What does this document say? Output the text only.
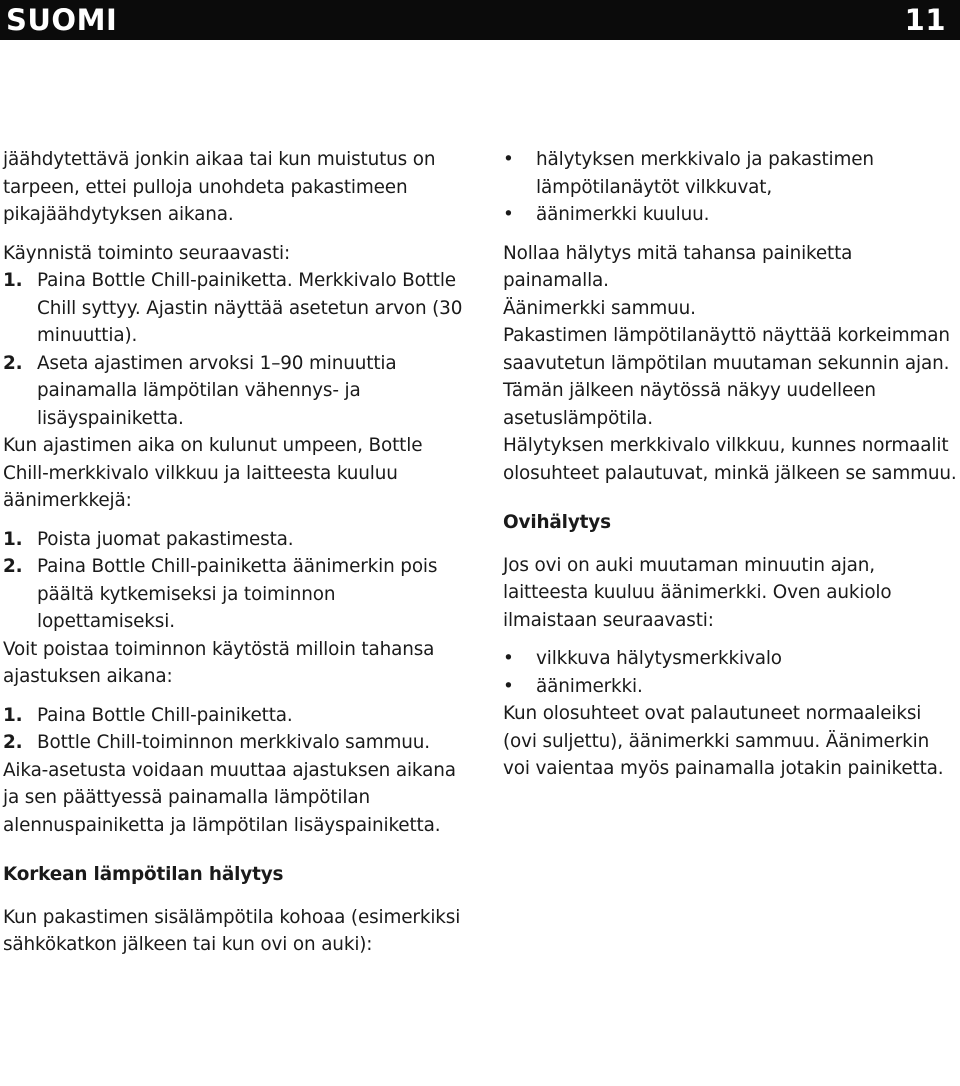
SUOMI	11
jäähdytettävä jonkin aikaa tai kun muistutus on tarpeen, ettei pulloja unohdeta pakastimeen pikajäähdytyksen aikana.
Käynnistä toiminto seuraavasti:
1. Paina Bottle Chill-painiketta. Merkkivalo Bottle Chill syttyy. Ajastin näyttää asetetun arvon (30 minuuttia).
2. Aseta ajastimen arvoksi 1–90 minuuttia painamalla lämpötilan vähennys- ja lisäyspainiketta.
Kun ajastimen aika on kulunut umpeen, Bottle Chill-merkkivalo vilkkuu ja laitteesta kuuluu äänimerkkejä:
1. Poista juomat pakastimesta.
2. Paina Bottle Chill-painiketta äänimerkin pois päältä kytkemiseksi ja toiminnon lopettamiseksi.
Voit poistaa toiminnon käytöstä milloin tahansa ajastuksen aikana:
1. Paina Bottle Chill-painiketta.
2. Bottle Chill-toiminnon merkkivalo sammuu.
Aika-asetusta voidaan muuttaa ajastuksen aikana ja sen päättyessä painamalla lämpötilan alennuspainiketta ja lämpötilan lisäyspainiketta.
Korkean lämpötilan hälytys
Kun pakastimen sisälämpötila kohoaa (esimerkiksi sähkökatkon jälkeen tai kun ovi on auki):
• hälytyksen merkkivalo ja pakastimen lämpötilanäytöt vilkkuvat,
• äänimerkki kuuluu.
Nollaa hälytys mitä tahansa painiketta painamalla.
Äänimerkki sammuu.
Pakastimen lämpötilanäyttö näyttää korkeimman saavutetun lämpötilan muutaman sekunnin ajan. Tämän jälkeen näytössä näkyy uudelleen asetuslämpötila.
Hälytyksen merkkivalo vilkkuu, kunnes normaalit olosuhteet palautuvat, minkä jälkeen se sammuu.
Ovihälytys
Jos ovi on auki muutaman minuutin ajan, laitteesta kuuluu äänimerkki. Oven aukiolo ilmaistaan seuraavasti:
• vilkkuva hälytysmerkkivalo
• äänimerkki.
Kun olosuhteet ovat palautuneet normaaleiksi (ovi suljettu), äänimerkki sammuu. Äänimerkin voi vaientaa myös painamalla jotakin painiketta.
